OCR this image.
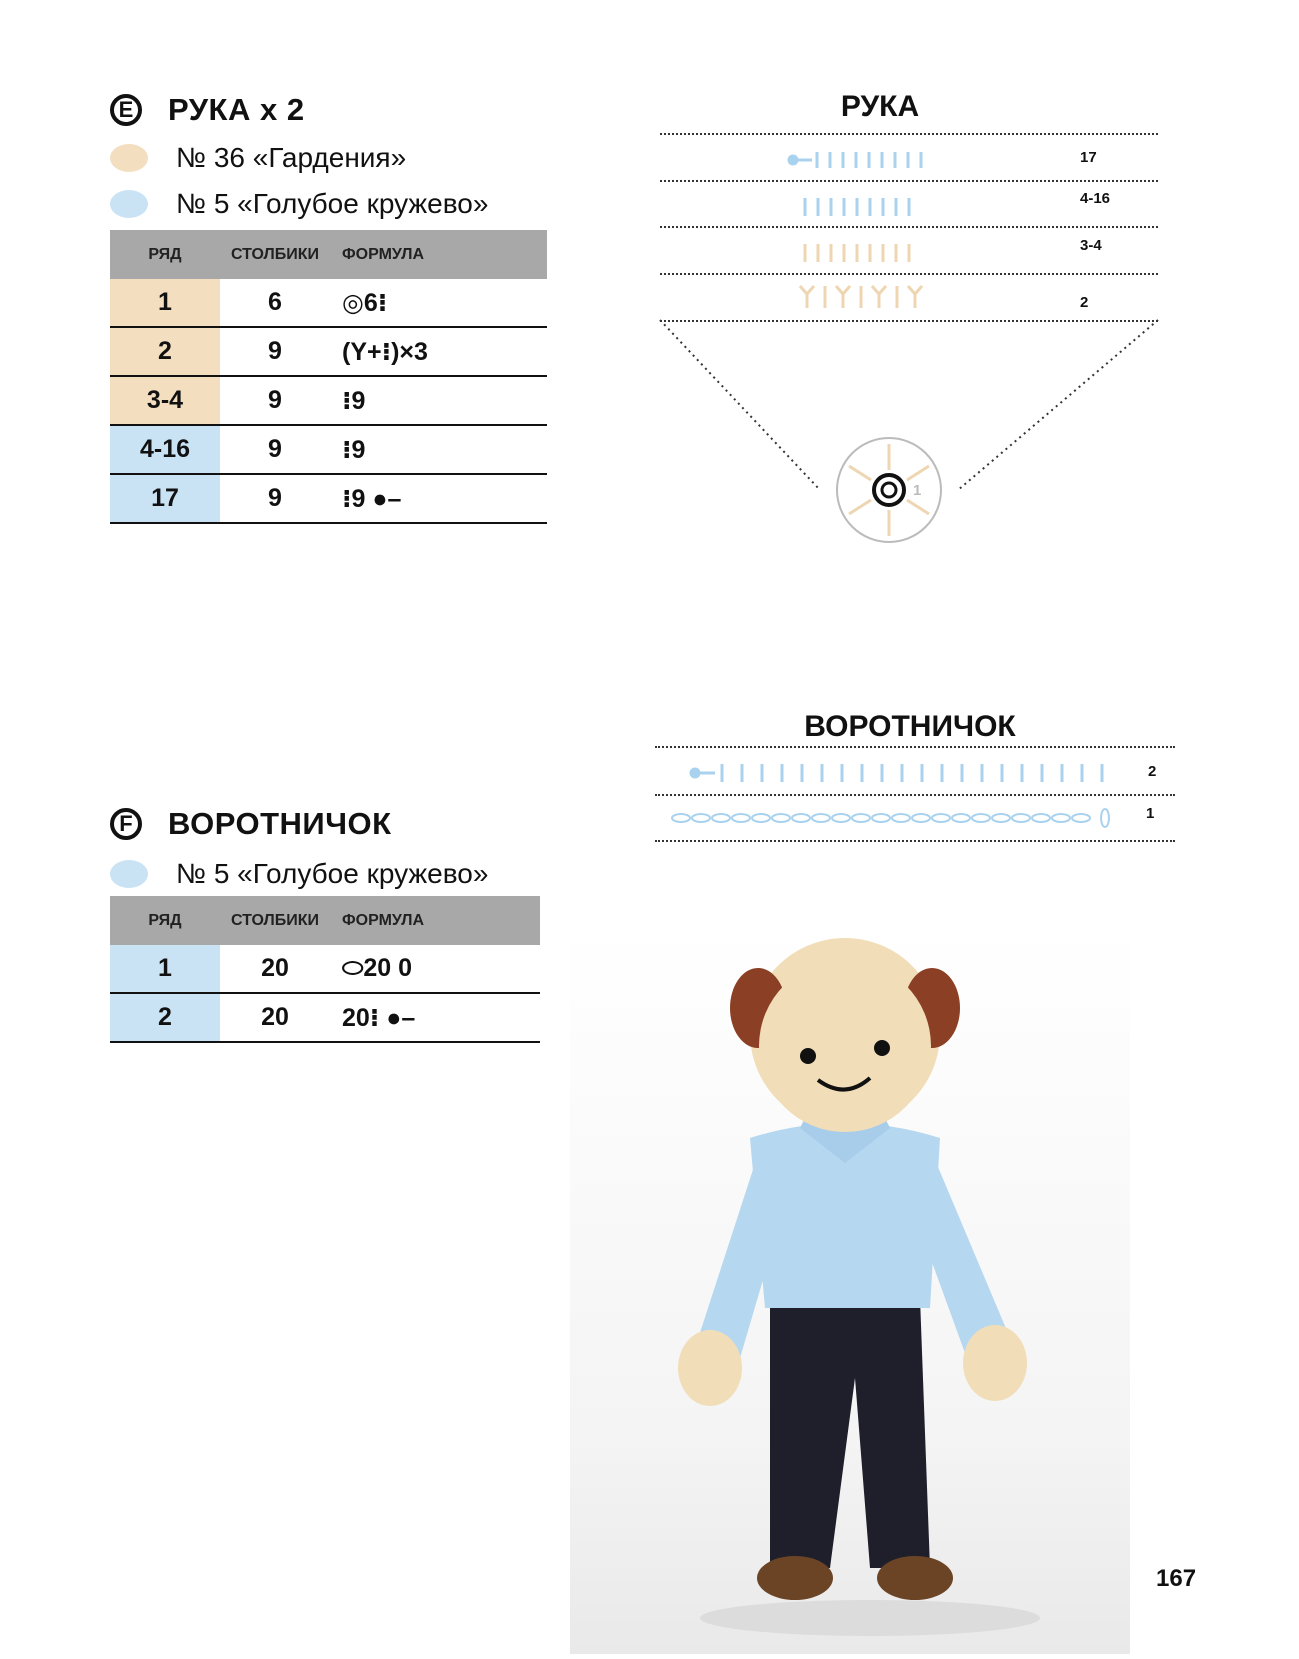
E РУКА х 2
№ 36 «Гардения»
№ 5 «Голубое кружево»
РЯД	СТОЛБИКИ	ФОРМУЛА
1	6	◎6⁝
2	9	(Y+⁝)×3
3-4	9	⁝9
4-16	9	⁝9
17	9	⁝9 ●–
РУКА
17
4-16
3-4
2
1
ВОРОТНИЧОК
2
1
F ВОРОТНИЧОК
№ 5 «Голубое кружево»
РЯД	СТОЛБИКИ	ФОРМУЛА
1	20	⬭20 0
2	20	20⁝ ●–
167
